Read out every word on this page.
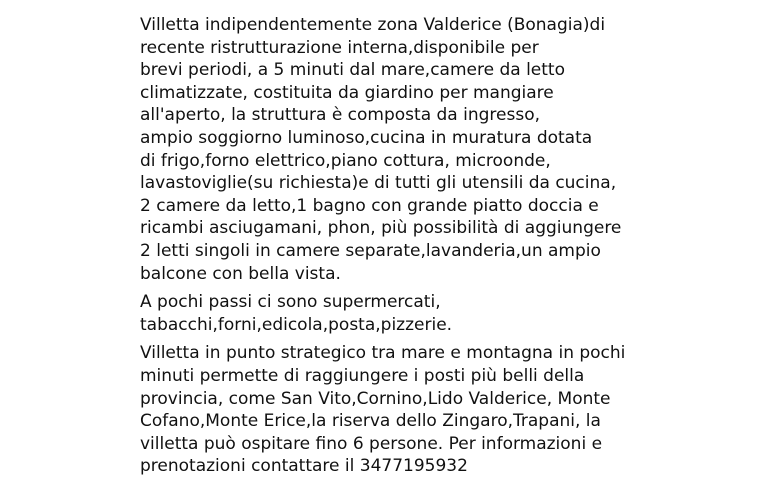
Villetta indipendentemente zona Valderice (Bonagia)di
recente ristrutturazione interna,disponibile per
brevi periodi, a 5 minuti dal mare,camere da letto
climatizzate, costituita da giardino per mangiare
all'aperto, la struttura è composta da ingresso,
ampio soggiorno luminoso,cucina in muratura dotata
di frigo,forno elettrico,piano cottura, microonde,
lavastoviglie(su richiesta)e di tutti gli utensili da cucina,
2 camere da letto,1 bagno con grande piatto doccia e
ricambi asciugamani, phon, più possibilità di aggiungere
2 letti singoli in camere separate,lavanderia,un ampio
balcone con bella vista.
A pochi passi ci sono supermercati,
tabacchi,forni,edicola,posta,pizzerie.
Villetta in punto strategico tra mare e montagna in pochi
minuti permette di raggiungere i posti più belli della
provincia, come San Vito,Cornino,Lido Valderice, Monte
Cofano,Monte Erice,la riserva dello Zingaro,Trapani, la
villetta può ospitare fino 6 persone. Per informazioni e
prenotazioni contattare il 3477195932
